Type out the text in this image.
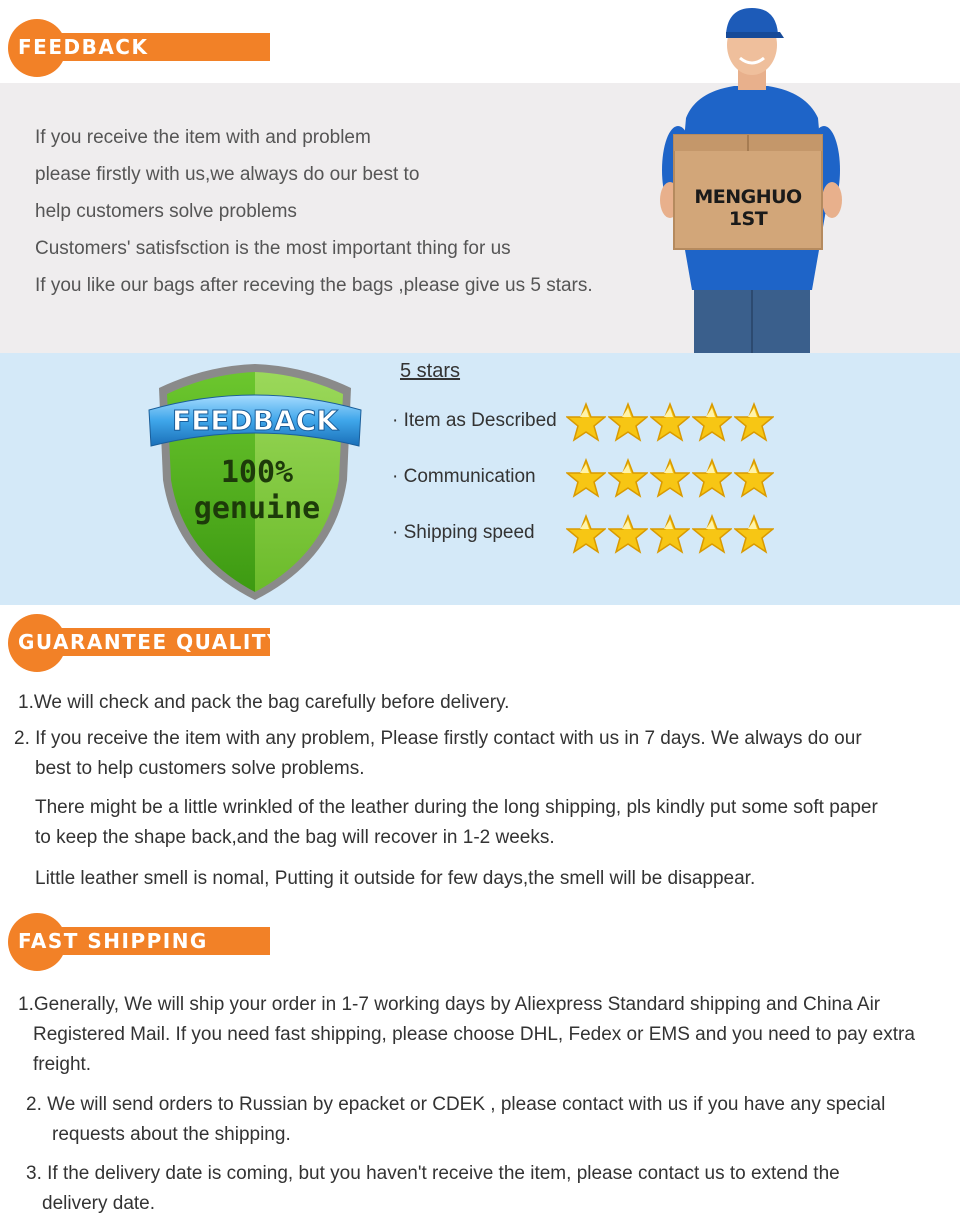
FEEDBACK

If you receive the item with and problem

please firstly with us,we always do our best to

help customers solve problems

Customers' satisfsction is the most important thing for us

If you like our bags after receving the bags ,please give us 5 stars.

MENGHUO 1ST
FEEDBACK
100%
genuine
5 stars
· Item as Described
· Communication
· Shipping speed
GUARANTEE QUALITY

1.We will check and pack the bag carefully before delivery.

2. If you receive the item with any problem, Please firstly contact with us in 7 days. We always do our

best to help customers solve problems.

There might be a little wrinkled of the leather during the long shipping, pls kindly put some soft paper

to keep the shape back,and the bag will recover in 1-2 weeks.

Little leather smell is nomal, Putting it outside for few days,the smell will be disappear.

FAST SHIPPING

1.Generally, We will ship your order in 1-7 working days by Aliexpress Standard shipping and China Air

Registered Mail. If you need fast shipping, please choose DHL, Fedex or EMS and you need to pay extra

freight.

2. We will send orders to Russian by epacket or CDEK , please contact with us if you have any special

requests about the shipping.

3. If the delivery date is coming, but you haven't receive the item, please contact us to extend the

delivery date.
